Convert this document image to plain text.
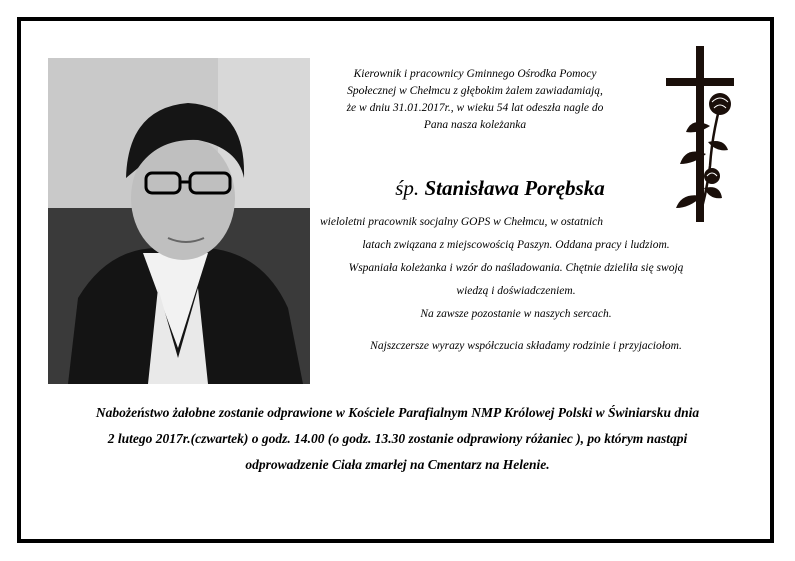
Kierownik i pracownicy Gminnego Ośrodka Pomocy
Społecznej w Chełmcu z głębokim żalem zawiadamiają,
że w dniu 31.01.2017r., w wieku 54 lat odeszła nagle do
Pana nasza koleżanka
śp. Stanisława Porębska
wieloletni pracownik socjalny GOPS w Chełmcu, w ostatnich
latach związana z miejscowością Paszyn. Oddana pracy i ludziom.
Wspaniała koleżanka i wzór do naśladowania. Chętnie dzieliła się swoją
wiedzą i doświadczeniem.
Na zawsze pozostanie w naszych sercach.
Najszczersze wyrazy współczucia składamy rodzinie i przyjaciołom.
Nabożeństwo żałobne zostanie odprawione w Kościele Parafialnym NMP Królowej Polski w Świniarsku dnia
2 lutego 2017r.(czwartek) o godz. 14.00 (o godz. 13.30 zostanie odprawiony różaniec ), po którym nastąpi
odprowadzenie Ciała zmarłej na Cmentarz na Helenie.
